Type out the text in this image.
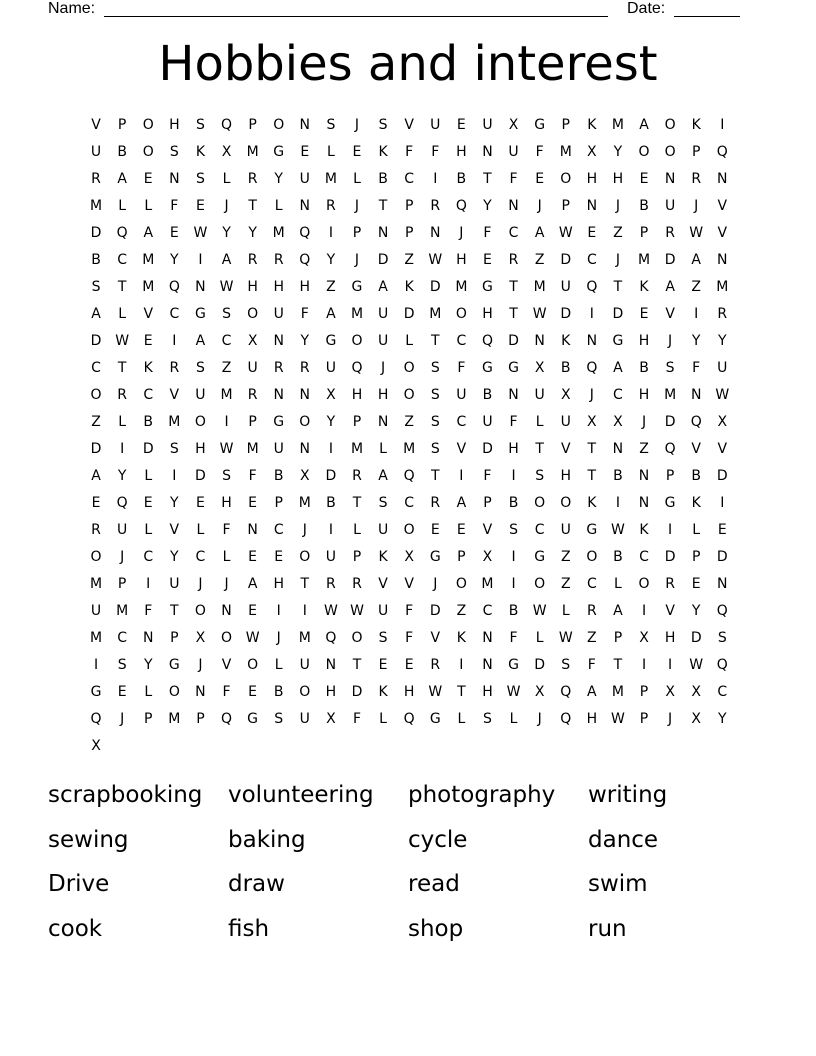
Name:	Date:
Hobbies and interest
V	P	O	H	S	Q	P	O	N	S	J	S	V	U	E	U	X	G	P	K	M	A	O	K	I
U	B	O	S	K	X	M	G	E	L	E	K	F	F	H	N	U	F	M	X	Y	O	O	P	Q
R	A	E	N	S	L	R	Y	U	M	L	B	C	I	B	T	F	E	O	H	H	E	N	R	N
M	L	L	F	E	J	T	L	N	R	J	T	P	R	Q	Y	N	J	P	N	J	B	U	J	V
D	Q	A	E	W	Y	Y	M	Q	I	P	N	P	N	J	F	C	A	W	E	Z	P	R	W	V
B	C	M	Y	I	A	R	R	Q	Y	J	D	Z	W H	E	R	Z	D	C	J	M	D	A	N
S	T	M	Q	N W H	H	H	Z	G	A	K	D	M	G	T	M	U	Q	T	K	A	Z	M
A	L	V	C	G	S	O	U	F	A	M	U	D	M	O	H	T	W D	I	D	E	V	I	R
D W	E	I	A	C	X	N	Y	G	O	U	L	T	C	Q	D	N	K	N	G	H	J	Y	Y
C	T	K	R	S	Z	U	R	R	U	Q	J	O	S	F	G	G	X	B	Q	A	B	S	F	U
O	R	C	V	U	M	R	N	N	X	H	H	O	S	U	B	N	U	X	J	C	H	M	N W
Z	L	B	M	O	I	P	G	O	Y	P	N	Z	S	C	U	F	L	U	X	X	J	D	Q	X
D	I	D	S	H W M	U	N	I	M	L	M	S	V	D	H	T	V	T	N	Z	Q	V	V
A	Y	L	I	D	S	F	B	X	D	R	A	Q	T	I	F	I	S	H	T	B	N	P	B	D
E	Q	E	Y	E	H	E	P	M	B	T	S	C	R	A	P	B	O	O	K	I	N	G	K	I
R	U	L	V	L	F	N	C	J	I	L	U	O	E	E	V	S	C	U	G W	K	I	L	E
O	J	C	Y	C	L	E	E	O	U	P	K	X	G	P	X	I	G	Z	O	B	C	D	P	D
M	P	I	U	J	J	A	H	T	R	R	V	V	J	O	M	I	O	Z	C	L	O	R	E	N
U	M	F	T	O	N	E	I	I	W W	U	F	D	Z	C	B	W	L	R	A	I	V	Y	Q
M	C	N	P	X	O W	J	M	Q	O	S	F	V	K	N	F	L	W	Z	P	X	H	D	S
I	S	Y	G	J	V	O	L	U	N	T	E	E	R	I	N	G	D	S	F	T	I	I	W Q
G	E	L	O	N	F	E	B	O	H	D	K	H W	T	H W	X	Q	A	M	P	X	X	C
Q	J	P	M	P	Q	G	S	U	X	F	L	Q	G	L	S	L	J	Q	H W	P	J	X	Y
X
scrapbooking	volunteering	photography	writing
sewing	baking	cycle	dance
Drive	draw	read	swim
cook	fish	shop	run
